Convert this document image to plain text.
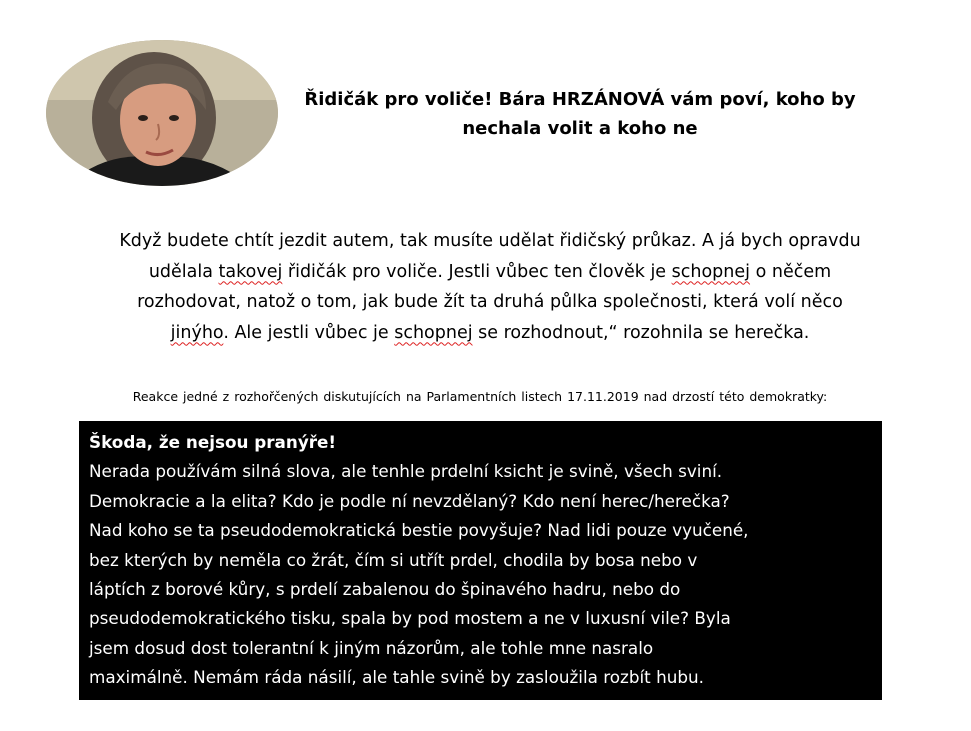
Řidičák pro voliče! Bára HRZÁNOVÁ vám poví, koho by
nechala volit a koho ne
Když budete chtít jezdit autem, tak musíte udělat řidičský průkaz. A já bych opravdu
udělala takovej řidičák pro voliče. Jestli vůbec ten člověk je schopnej o něčem
rozhodovat, natož o tom, jak bude žít ta druhá půlka společnosti, která volí něco
jinýho. Ale jestli vůbec je schopnej se rozhodnout,“ rozohnila se herečka.
Reakce jedné z rozhořčených diskutujících na Parlamentních listech 17.11.2019 nad drzostí této demokratky:
Škoda, že nejsou pranýře!
Nerada používám silná slova, ale tenhle prdelní ksicht je svině, všech sviní.
Demokracie a la elita? Kdo je podle ní nevzdělaný? Kdo není herec/herečka?
Nad koho se ta pseudodemokratická bestie povyšuje? Nad lidi pouze vyučené,
bez kterých by neměla co žrát, čím si utřít prdel, chodila by bosa nebo v
láptích z borové kůry, s prdelí zabalenou do špinavého hadru, nebo do
pseudodemokratického tisku, spala by pod mostem a ne v luxusní vile? Byla
jsem dosud dost tolerantní k jiným názorům, ale tohle mne nasralo
maximálně. Nemám ráda násilí, ale tahle svině by zasloužila rozbít hubu.
